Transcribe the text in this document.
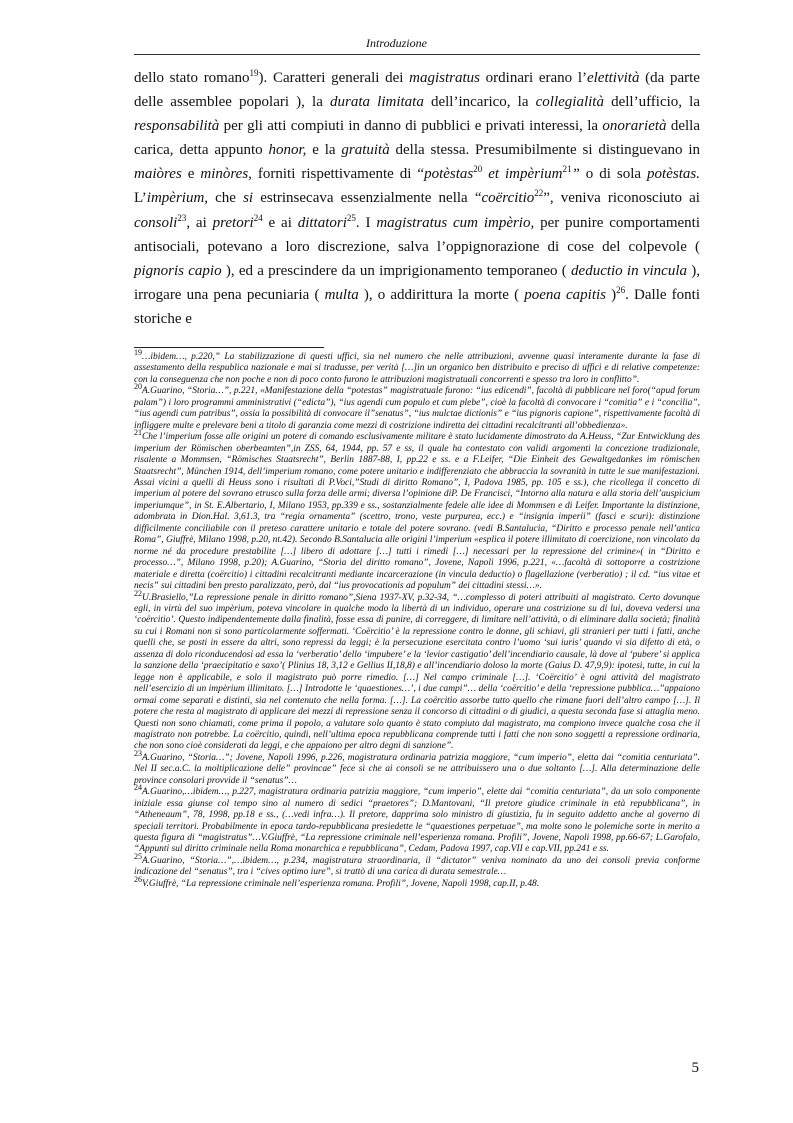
Introduzione
dello stato romano$^{19}$). Caratteri generali dei magistratus ordinari erano l’elettività (da parte delle assemblee popolari ), la durata limitata dell’incarico, la collegialità dell’ufficio, la responsabilità per gli atti compiuti in danno di pubblici e privati interessi, la onorarietà della carica, detta appunto honor, e la gratuità della stessa. Presumibilmente si distinguevano in maiòres e minòres, forniti rispettivamente di “potèstas$^{20}$ et impèrium$^{21}$” o di sola potèstas. L’impèrium, che si estrinsecava essenzialmente nella “coërcitio$^{22}$”, veniva riconosciuto ai consoli$^{23}$, ai pretori$^{24}$ e ai dittatori$^{25}$. I magistratus cum impèrio, per punire comportamenti antisociali, potevano a loro discrezione, salva l’oppignorazione di cose del colpevole ( pignoris capio ), ed a prescindere da un imprigionamento temporaneo ( deductio in vincula ), irrogare una pena pecuniaria ( multa ), o addirittura la morte ( poena capitis )$^{26}$. Dalle fonti storiche e
$^{19}$…ibidem…, p.220,” La stabilizzazione di questi uffici, sia nel numero che nelle attribuzioni, avvenne quasi interamente durante la fase di assestamento della respublica nazionale e mai si tradusse, per verità […]in un organico ben distribuito e preciso di uffici e di relative competenze: con la conseguenza che non poche e non di poco conto furono le attribuzioni magistratuali concorrenti e spesso tra loro in conflitto”.
$^{20}$A.Guarino, “Storia…”, p.221, «Manifestazione della “potestas” magistratuale furono: “ius edicendi”, facoltà di pubblicare nel foro(“apud forum palam”) i loro programmi amministrativi (“edicta”), “ius agendi cum populo et cum plebe”, cioè la facoltà di convocare i “comitia” e i “concilia”, “ius agendi cum patribus”, ossia la possibilità di convocare il”senatus”, “ius mulctae dictionis” e “ius pignoris capione”, rispettivamente facoltà di infliggere multe e prelevare beni a titolo di garanzia come mezzi di costrizione indiretta dei cittadini recalcitranti all’obbedienza».
$^{21}$Che l’imperium fosse alle origini un potere di comando esclusivamente militare è stato lucidamente dimostrato da A.Heuss, “Zur Entwicklung des imperium der Römischen oberbeamten”,in ZSS, 64, 1944, pp. 57 e ss, il quale ha contestato con validi argomenti la concezione tradizionale, risalente a Mommsen, “Römisches Staatsrecht”, Berlin 1887-88, I, pp.22 e ss. e a F.Leifer, “Die Einheit des Gewaltgedankes im römischen Staatsrecht”, München 1914, dell’imperium romano, come potere unitario e indifferenziato che abbraccia la sovranità in tutte le sue manifestazioni. Assai vicini a quelli di Heuss sono i risultati di P.Voci,”Studi di diritto Romano”, I, Padova 1985, pp. 105 e ss.), che ricollega il concetto di imperium al potere del sovrano etrusco sulla forza delle armi; diversa l’opinione diP. De Francisci, “Intorno alla natura e alla storia dell’auspicium imperiumque”, in St. E.Albertario, I, Milano 1953, pp.339 e ss., sostanzialmente fedele alle idee di Mommsen e di Leifer. Importante la distinzione, adombrata in Dion.Hal. 3,61.3, tra “regia ornamenta” (scettro, trono, veste purpurea, ecc.) e “insignia imperii” (fasci e scuri): distinzione difficilmente conciliabile con il preteso carattere unitario e totale del potere sovrano. (vedi B.Santalucia, “Diritto e processo penale nell’antica Roma”, Giuffrè, Milano 1998, p.20, nt.42). Secondo B.Santalucia alle origini l’imperium «esplica il potere illimitato di coercizione, non vincolato da norme né da procedure prestabilite […] libero di adottare […] tutti i rimedi […] necessari per la repressione del crimine»( in “Diritto e processo…”, Milano 1998, p.20); A.Guarino, “Storia del diritto romano”, Jovene, Napoli 1996, p.221, «…facoltà di sottoporre a costrizione materiale e diretta (coërcitio) i cittadini recalcitranti mediante incarcerazione (in vincula deductio) o flagellazione (verberatio) ; il cd. “ius vitae et necis” sui cittadini ben presto paralizzato, però, dal “ius provocationis ad populum” dei cittadini stessi…».
$^{22}$U.Brasiello,”La repressione penale in diritto romano”,Siena 1937-XV, p.32-34, “…complesso di poteri attribuiti al magistrato. Certo dovunque egli, in virtù del suo impèrium, poteva vincolare in qualche modo la libertà di un individuo, operare una costrizione su di lui, doveva vedersi una ‘coërcitio’. Questo indipendentemente dalla finalità, fosse essa di punire, di correggere, di limitare nell’attività, o di eliminare dalla società; finalità su cui i Romani non si sono particolarmente soffermati. ‘Coërcitio’ è la repressione contro le donne, gli schiavi, gli stranieri per tutti i fatti, anche quelli che, se posti in essere da altri, sono repressi da leggi; è la persecuzione esercitata contro l’uomo ‘sui iuris’ quando vi sia difetto di età, o assenza di dolo riconducendosi ad essa la ‘verberatio’ dello ‘impubere’ e la ‘levior castigatio’ dell’incendiario causale, là dove al ‘pubere’ si applica la sanzione della ‘praecipitatio e saxo’( Plinius 18, 3,12 e Gellius II,18,8) e all’incendiario doloso la morte (Gaius D. 47,9,9): ipotesi, tutte, in cui la legge non è applicabile, e solo il magistrato può porre rimedio. […] Nel campo criminale […]. ‘Coërcitio’ è ogni attività del magistrato nell’esercizio di un impèrium illimitato. […] Introdotte le ‘quaestiones…’, i due campi”… della ‘coërcitio’ e della ‘repressione pubblica…”appaiono ormai come separati e distinti, sia nel contenuto che nella forma. […]. La coërcitio assorbe tutto quello che rimane fuori dell’altro campo […]. Il potere che resta al magistrato di applicare dei mezzi di repressione senza il concorso di cittadini o di giudici, a questa seconda fase si attaglia meno. Questi non sono chiamati, come prima il popolo, a valutare solo quanto è stato compiuto dal magistrato, ma compiono invece qualche cosa che il magistrato non potrebbe. La coërcitio, quindi, nell’ultima epoca repubblicana comprende tutti i fatti che non sono soggetti a repressione ordinaria, che non sono cioè considerati da leggi, e che appaiono per altro degni di sanzione”.
$^{23}$A.Guarino, “Storia…”; Jovene, Napoli 1996, p.226, magistratura ordinaria patrizia maggiore, “cum imperio”, eletta dai “comitia centuriata”. Nel II sec.a.C. la moltiplicazione delle” provincae” fece sì che ai consoli se ne attribuissero una o due soltanto […]. Alla determinazione delle province consolari provvide il “senatus”…
$^{24}$A.Guarino,…ibidem…, p.227, magistratura ordinaria patrizia maggiore, “cum imperio”, elette dai “comitia centuriata”, da un solo componente iniziale essa giunse col tempo sino al numero di sedici “praetores”; D.Mantovani, “Il pretore giudice criminale in età repubblicana”, in “Atheneaum”, 78, 1998, pp.18 e ss., (…vedi infra…). Il pretore, dapprima solo ministro di giustizia, fu in seguito addetto anche al governo di speciali territori. Probabilmente in epoca tardo-repubblicana presiedette le “quaestiones perpetuae”, ma molte sono le polemiche sorte in merito a questa figura di “magistratus”…V.Giuffrè, “La repressione criminale nell’esperienza romana. Profili”, Jovene, Napoli 1998, pp.66-67; L.Garofalo, “Appunti sul diritto criminale nella Roma monarchica e repubblicana”, Cedam, Padova 1997, cap.VII e cap.VII, pp.241 e ss.
$^{25}$A.Guarino, “Storia…”,…ibidem…, p.234, magistratura straordinaria, il “dictator” veniva nominato da uno dei consoli previa conforme indicazione del “senatus”, tra i “cives optimo iure”, si trattò di una carica di durata semestrale…
$^{26}$V.Giuffrè, “La repressione criminale nell’esperienza romana. Profili”, Jovene, Napoli 1998, cap.II, p.48.
5
